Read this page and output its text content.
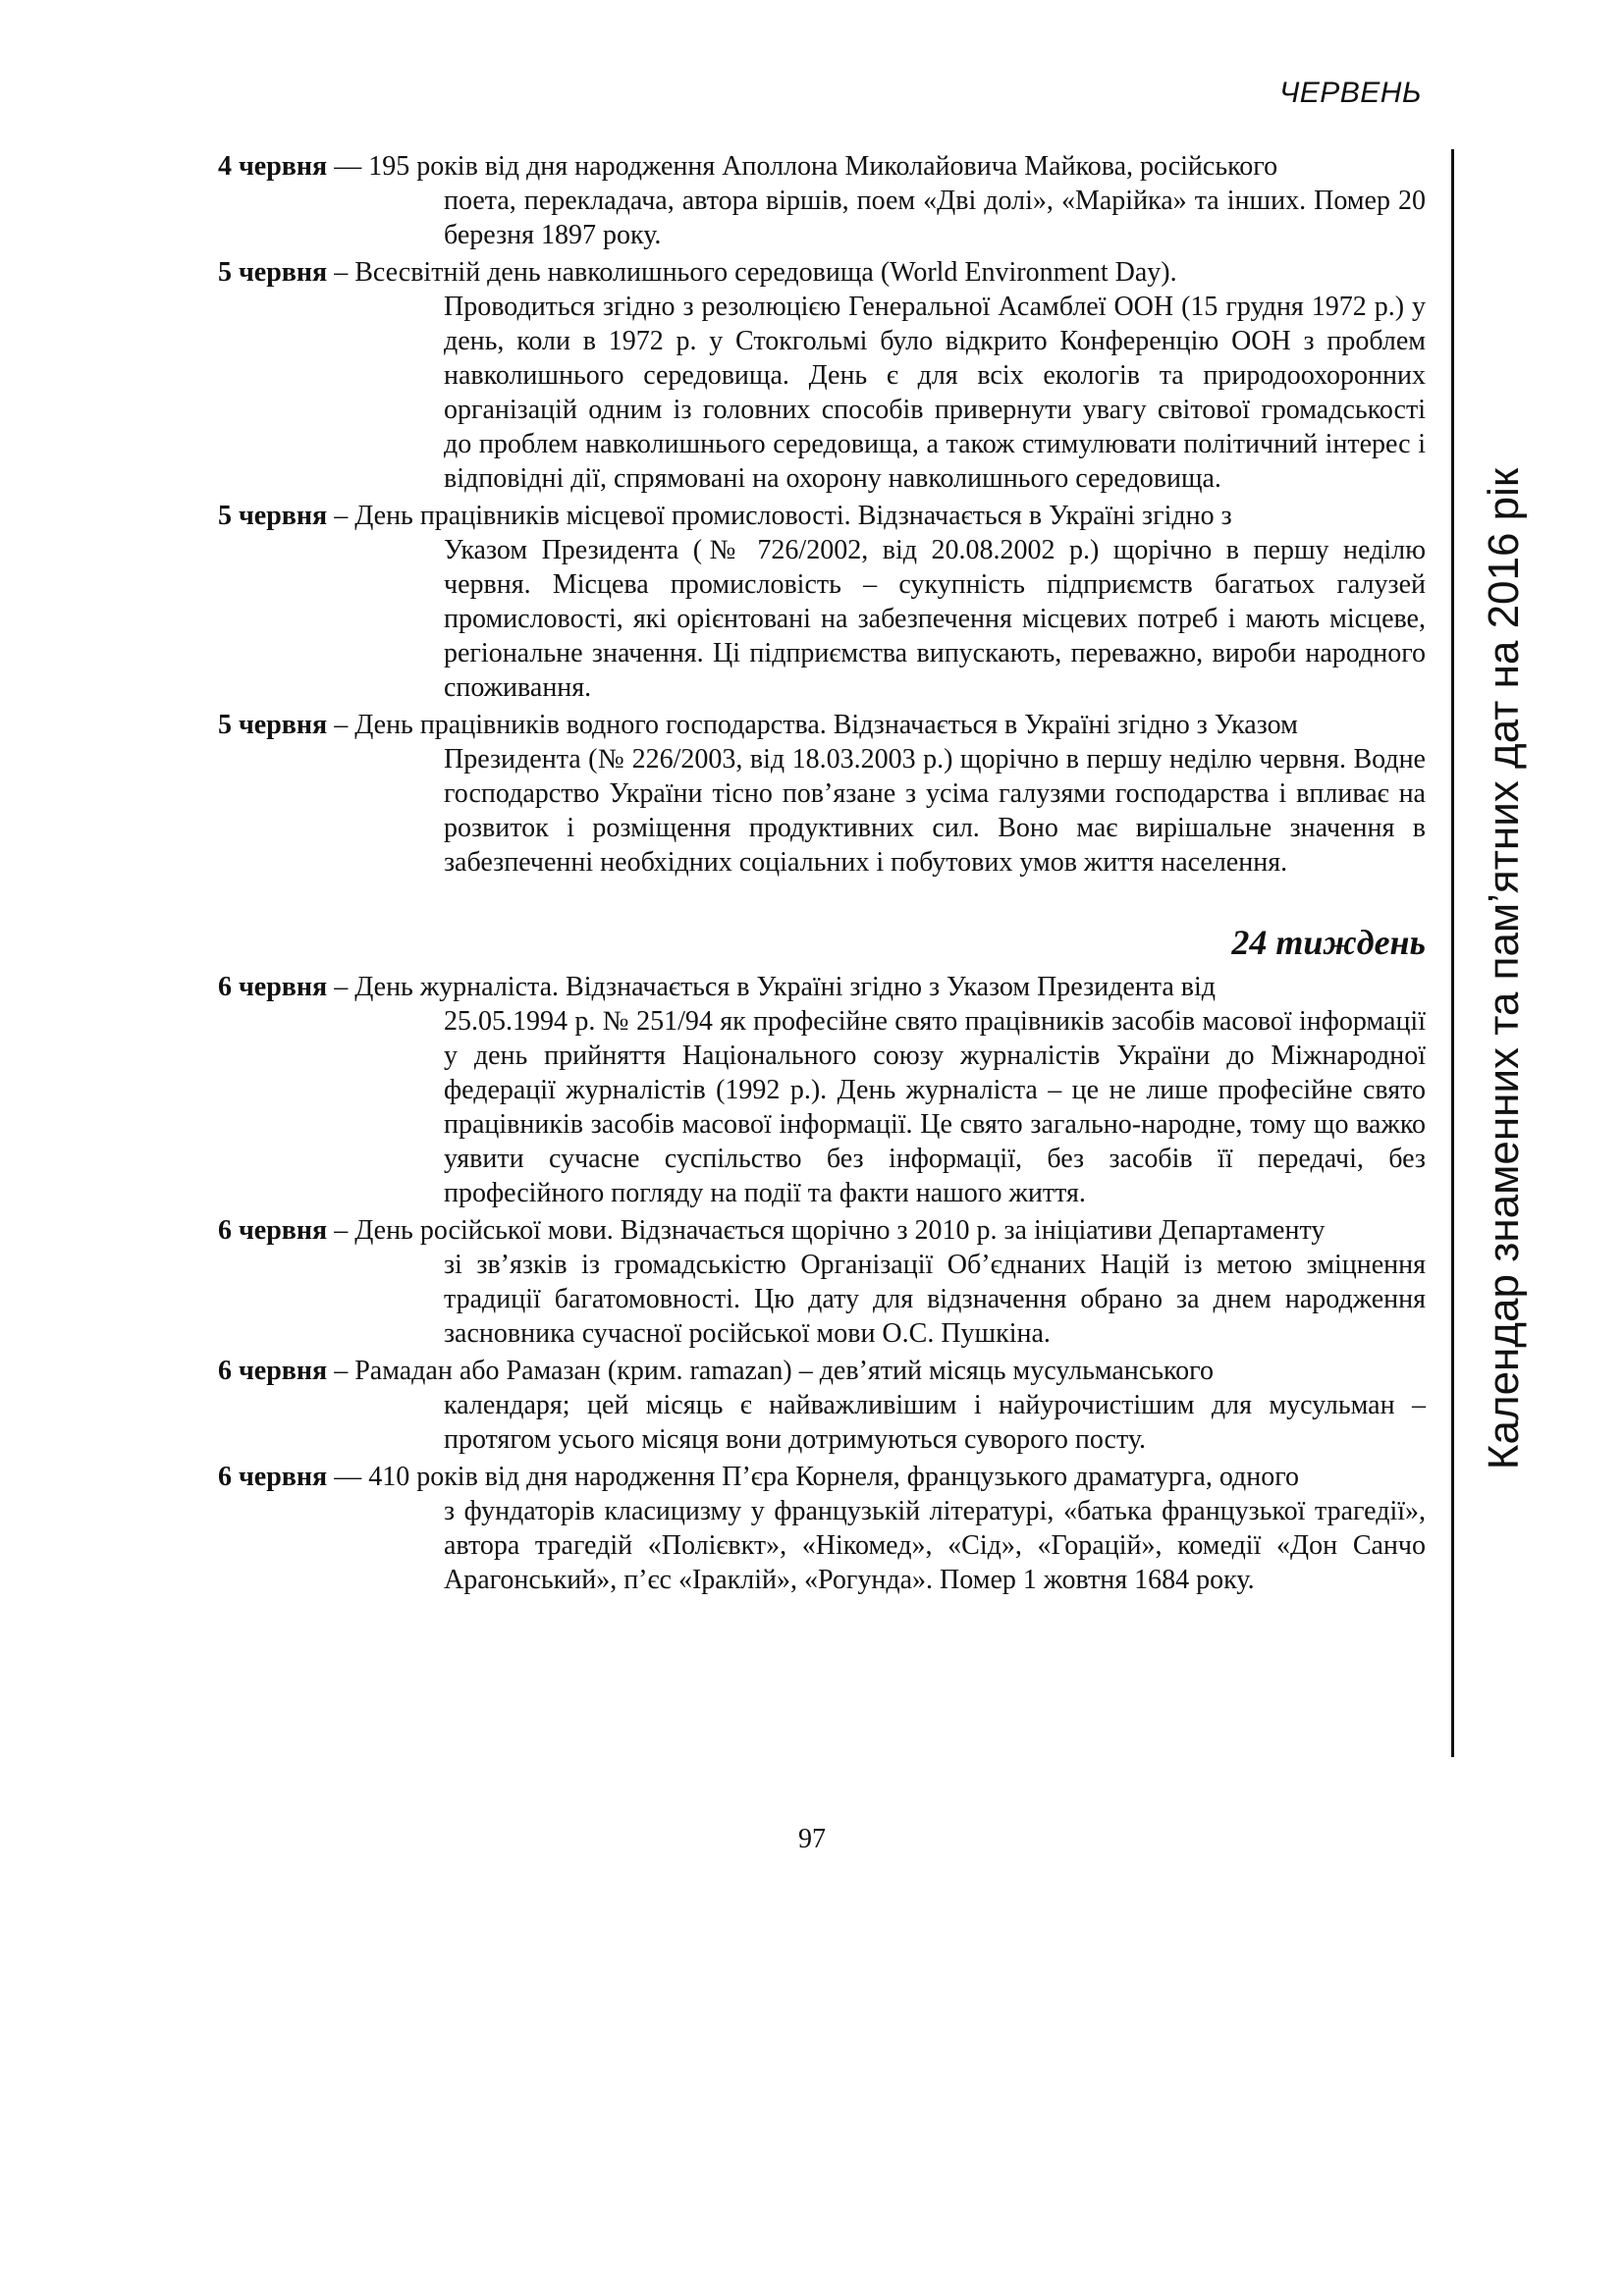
ЧЕРВЕНЬ
Календар знаменних та пам’ятних дат на 2016 рік
4 червня — 195 років від дня народження Аполлона Миколайовича Майкова, російського
поета, перекладача, автора віршів, поем «Дві долі», «Марійка» та інших. Помер 20 березня 1897 року.
5 червня – Всесвітній день навколишнього середовища (World Environment Day).
Проводиться згідно з резолюцією Генеральної Асамблеї ООН (15 грудня 1972 р.) у день, коли в 1972 р. у Стокгольмі було відкрито Конференцію ООН з проблем навколишнього середовища. День є для всіх екологів та природоохоронних організацій одним із головних способів привернути увагу світової громадськості до проблем навколишнього середовища, а також стимулювати політичний інтерес і відповідні дії, спрямовані на охорону навколишнього середовища.
5 червня – День працівників місцевої промисловості. Відзначається в Україні згідно з
Указом Президента (№ 726/2002, від 20.08.2002 р.) щорічно в першу неділю червня. Місцева промисловість – сукупність підприємств багатьох галузей промисловості, які орієнтовані на забезпечення місцевих потреб і мають місцеве, регіональне значення. Ці підприємства випускають, переважно, вироби народного споживання.
5 червня – День працівників водного господарства. Відзначається в Україні згідно з Указом
Президента (№ 226/2003, від 18.03.2003 р.) щорічно в першу неділю червня. Водне господарство України тісно пов’язане з усіма галузями господарства і впливає на розвиток і розміщення продуктивних сил. Воно має вирішальне значення в забезпеченні необхідних соціальних і побутових умов життя населення.
24 тиждень
6 червня – День журналіста. Відзначається в Україні згідно з Указом Президента від
25.05.1994 р. № 251/94 як професійне свято працівників засобів масової інформації у день прийняття Національного союзу журналістів України до Міжнародної федерації журналістів (1992 р.). День журналіста – це не лише професійне свято працівників засобів масової інформації. Це свято загально-народне, тому що важко уявити сучасне суспільство без інформації, без засобів її передачі, без професійного погляду на події та факти нашого життя.
6 червня – День російської мови. Відзначається щорічно з 2010 р. за ініціативи Департаменту
зі зв’язків із громадськістю Організації Об’єднаних Націй із метою зміцнення традиції багатомовності. Цю дату для відзначення обрано за днем народження засновника сучасної російської мови О.С. Пушкіна.
6 червня – Рамадан або Рамазан (крим. ramazan) – дев’ятий місяць мусульманського
календаря; цей місяць є найважливішим і найурочистішим для мусульман – протягом усього місяця вони дотримуються суворого посту.
6 червня — 410 років від дня народження П’єра Корнеля, французького драматурга, одного
з фундаторів класицизму у французькій літературі, «батька французької трагедії», автора трагедій «Полієвкт», «Нікомед», «Сід», «Горацій», комедії «Дон Санчо Арагонський», п’єс «Іраклій», «Рогунда». Помер 1 жовтня 1684 року.
97
